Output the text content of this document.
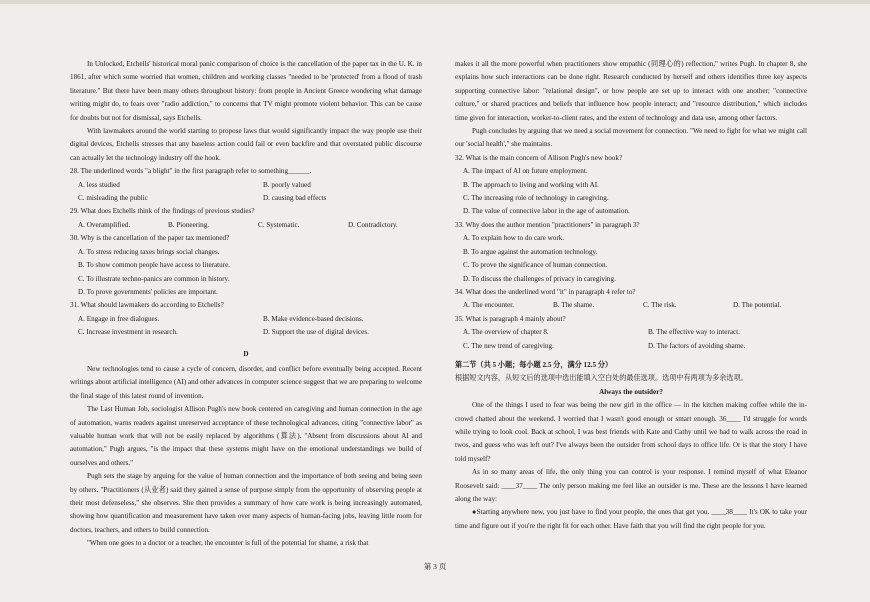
In Unlocked, Etchells' historical moral panic comparison of choice is the cancellation of the paper tax in the U. K. in 1861, after which some worried that women, children and working classes "needed to be 'protected' from a flood of trash literature." But there have been many others throughout history: from people in Ancient Greece wondering what damage writing might do, to fears over "radio addiction," to concerns that TV might promote violent behavior. This can be cause for doubts but not for dismissal, says Etchells.

With lawmakers around the world starting to propose laws that would significantly impact the way people use their digital devices, Etchells stresses that any baseless action could fail or even backfire and that overstated public discourse can actually let the technology industry off the hook.

28. The underlined words "a blight" in the first paragraph refer to something______.

A. less studied	B. poorly valued
C. misleading the public	D. causing bad effects

29. What does Etchells think of the findings of previous studies?

A. Overamplified.	B. Pioneering.	C. Systematic.	D. Contradictory.

30. Why is the cancellation of the paper tax mentioned?

A. To stress reducing taxes brings social changes.
B. To show common people have access to literature.
C. To illustrate techno-panics are common in history.
D. To prove governments' policies are important.

31. What should lawmakers do according to Etchells?

A. Engage in free dialogues.	B. Make evidence-based decisions.
C. Increase investment in research.	D. Support the use of digital devices.
D

New technologies tend to cause a cycle of concern, disorder, and conflict before eventually being accepted. Recent writings about artificial intelligence (AI) and other advances in computer science suggest that we are preparing to welcome the final stage of this latest round of invention.

The Last Human Job, sociologist Allison Pugh's new book centered on caregiving and human connection in the age of automation, warns readers against unreserved acceptance of these technological advances, citing "connective labor" as valuable human work that will not be easily replaced by algorithms (算法). "Absent from discussions about AI and automation," Pugh argues, "is the impact that these systems might have on the emotional understandings we build of ourselves and others."

Pugh sets the stage by arguing for the value of human connection and the importance of both seeing and being seen by others. "Practitioners (从业者) said they gained a sense of purpose simply from the opportunity of observing people at their most defenseless," she observes. She then provides a summary of how care work is being increasingly automated, showing how quantification and measurement have taken over many aspects of human-facing jobs, leaving little room for doctors, teachers, and others to build connection.

"When one goes to a doctor or a teacher, the encounter is full of the potential for shame, a risk that

makes it all the more powerful when practitioners show empathic (同理心的) reflection," writes Pugh. In chapter 8, she explains how such interactions can be done right. Research conducted by herself and others identifies three key aspects supporting connective labor: "relational design", or how people are set up to interact with one another; "connective culture," or shared practices and beliefs that influence how people interact; and "resource distribution," which includes time given for interaction, worker-to-client rates, and the extent of technology and data use, among other factors.

Pugh concludes by arguing that we need a social movement for connection. "We need to fight for what we might call our 'social health'," she maintains.

32. What is the main concern of Allison Pugh's new book?

A. The impact of AI on future employment.
B. The approach to living and working with AI.
C. The increasing role of technology in caregiving.
D. The value of connective labor in the age of automation.

33. Why does the author mention "practitioners" in paragraph 3?

A. To explain how to do care work.
B. To argue against the automation technology.
C. To prove the significance of human connection.
D. To discuss the challenges of privacy in caregiving.

34. What does the underlined word "it" in paragraph 4 refer to?

A. The encounter.	B. The shame.	C. The risk.	D. The potential.

35. What is paragraph 4 mainly about?

A. The overview of chapter 8.	B. The effective way to interact.
C. The new trend of caregiving.	D. The factors of avoiding shame.

第二节（共 5 小题；每小题 2.5 分，满分 12.5 分）

根据短文内容，从短文后的选项中选出能填入空白处的最佳选项。选项中有两项为多余选项。

Always the outsider?

One of the things I used to fear was being the new girl in the office — in the kitchen making coffee while the in-crowd chatted about the weekend. I worried that I wasn't good enough or smart enough. 36____ I'd struggle for words while trying to look cool. Back at school, I was best friends with Kate and Cathy until we had to walk across the road in twos, and guess who was left out? I've always been the outsider from school days to office life. Or is that the story I have told myself?

As in so many areas of life, the only thing you can control is your response. I remind myself of what Eleanor Roosevelt said: ____37____ The only person making me feel like an outsider is me. These are the lessons I have learned along the way:

●Starting anywhere new, you just have to find your people, the ones that get you. ____38____ It's OK to take your time and figure out if you're the right fit for each other. Have faith that you will find the right people for you.

第 3 页
